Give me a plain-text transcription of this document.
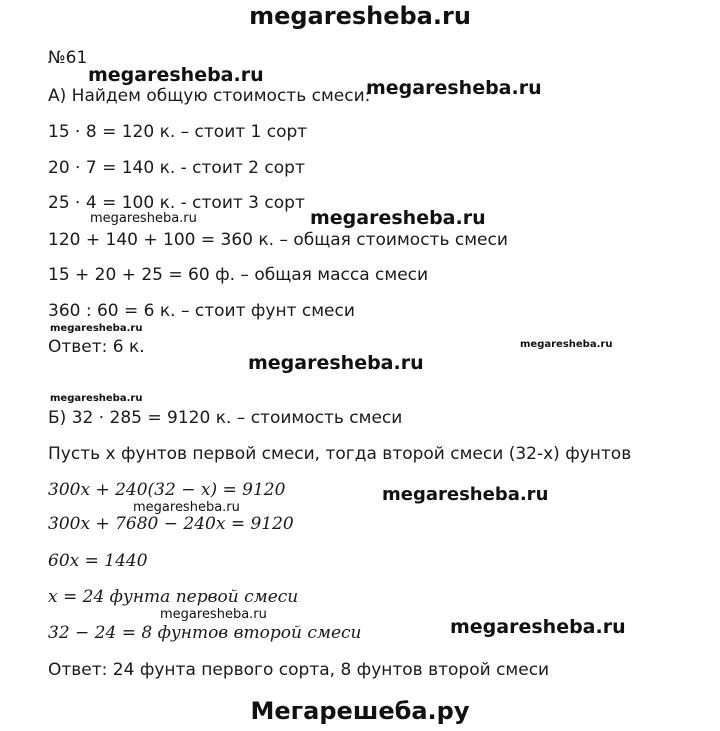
megaresheba.ru
№61
megaresheba.ru
А) Найдем общую стоимость смеси:
megaresheba.ru
15 ⋅ 8 = 120 к. – стоит 1 сорт
20 ⋅ 7 = 140 к. - стоит 2 сорт
25 ⋅ 4 = 100 к. - стоит 3 сорт
megaresheba.ru	megaresheba.ru
120 + 140 + 100 = 360 к. – общая стоимость смеси
15 + 20 + 25 = 60 ф. – общая масса смеси
360 : 60 = 6 к. – стоит фунт смеси
megaresheba.ru
Ответ: 6 к.	megaresheba.ru
megaresheba.ru
megaresheba.ru
Б) 32 ⋅ 285 = 9120 к. – стоимость смеси
Пусть х фунтов первой смеси, тогда второй смеси (32-х) фунтов
300x + 240(32 − x) = 9120	megaresheba.ru
megaresheba.ru
300x + 7680 − 240x = 9120
60x = 1440
x = 24 фунта первой смеси
megaresheba.ru
32 − 24 = 8 фунтов второй смеси	megaresheba.ru
Ответ: 24 фунта первого сорта, 8 фунтов второй смеси
Мегарешеба.ру
